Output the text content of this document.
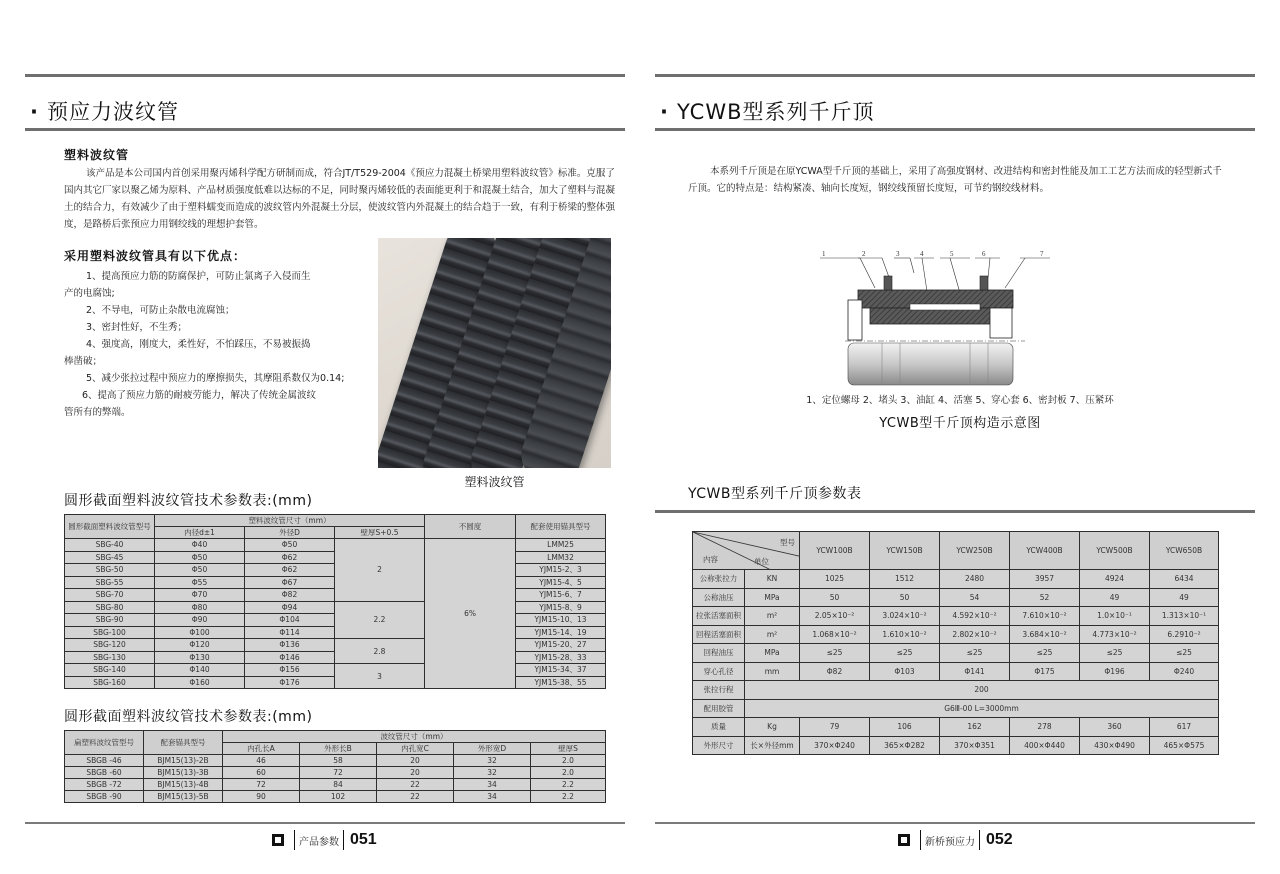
· 预应力波纹管
塑料波纹管
该产品是本公司国内首创采用聚丙烯科学配方研制而成，符合JT/T529-2004《预应力混凝土桥梁用塑料波纹管》标准。克服了国内其它厂家以聚乙烯为原料、产品材质强度低难以达标的不足，同时聚丙烯较低的表面能更利于和混凝土结合，加大了塑料与混凝土的结合力，有效减少了由于塑料蠕变而造成的波纹管内外混凝土分层，使波纹管内外混凝土的结合趋于一致，有利于桥梁的整体强度，是路桥后张预应力用钢绞线的理想护套管。
采用塑料波纹管具有以下优点：
1、提高预应力筋的防腐保护，可防止氯离子入侵而生
产的电腐蚀;
2、不导电，可防止杂散电流腐蚀；
3、密封性好，不生秀；
4、强度高，刚度大，柔性好，不怕踩压，不易被振捣
棒凿破；
5、减少张拉过程中预应力的摩擦损失，其摩阻系数仅为0.14;
6、提高了预应力筋的耐疲劳能力，解决了传统金属波纹
管所有的弊端。
塑料波纹管
圆形截面塑料波纹管技术参数表:(mm)
圆形截面塑料波纹管型号	塑料波纹管尺寸（mm）			不圆度	配套使用锚具型号
	内径d±1	外径D	壁厚S+0.5		
SBG-40	Φ40	Φ50	2	6%	LMM25
SBG-45	Φ50	Φ62			LMM32
SBG-50	Φ50	Φ62			YJM15-2、3
SBG-55	Φ55	Φ67			YJM15-4、5
SBG-70	Φ70	Φ82			YJM15-6、7
SBG-80	Φ80	Φ94	2.2		YJM15-8、9
SBG-90	Φ90	Φ104			YJM15-10、13
SBG-100	Φ100	Φ114			YJM15-14、19
SBG-120	Φ120	Φ136	2.8		YJM15-20、27
SBG-130	Φ130	Φ146			YJM15-28、33
SBG-140	Φ140	Φ156	3		YJM15-34、37
SBG-160	Φ160	Φ176			YJM15-38、55
圆形截面塑料波纹管技术参数表:(mm)
扁塑料波纹管型号	配套锚具型号	波纹管尺寸（mm）				
		内孔长A	外形长B	内孔宽C	外形宽D	壁厚S
SBGB -46	BJM15(13)-2B	46	58	20	32	2.0
SBGB -60	BJM15(13)-3B	60	72	20	32	2.0
SBGB -72	BJM15(13)-4B	72	84	22	34	2.2
SBGB -90	BJM15(13)-5B	90	102	22	34	2.2
产品参数 051
· YCWB型系列千斤顶
本系列千斤顶是在原YCWA型千斤顶的基础上，采用了高强度钢材、改进结构和密封性能及加工工艺方法而成的轻型新式千斤顶。它的特点是：结构紧凑、轴向长度短，钢绞线预留长度短，可节约钢绞线材料。
1	2	3	4	5	6	7
1、定位螺母 2、堵头 3、油缸 4、活塞 5、穿心套 6、密封板 7、压紧环
YCWB型千斤顶构造示意图
YCWB型系列千斤顶参数表
型号
内容 单位		YCW100B	YCW150B	YCW250B	YCW400B	YCW500B	YCW650B
公称张拉力	KN	1025	1512	2480	3957	4924	6434
公称油压	MPa	50	50	54	52	49	49
拉张活塞面积	m²	2.05×10⁻²	3.024×10⁻²	4.592×10⁻²	7.610×10⁻²	1.0×10⁻¹	1.313×10⁻¹
回程活塞面积	m²	1.068×10⁻²	1.610×10⁻²	2.802×10⁻²	3.684×10⁻²	4.773×10⁻²	6.2910⁻²
回程油压	MPa	≤25	≤25	≤25	≤25	≤25	≤25
穿心孔径	mm	Φ82	Φ103	Φ141	Φ175	Φ196	Φ240
张拉行程	200						
配用胶管	G6Ⅲ-00 L=3000mm						
质量	Kg	79	106	162	278	360	617
外形尺寸	长×外径mm	370×Φ240	365×Φ282	370×Φ351	400×Φ440	430×Φ490	465×Φ575
新桥预应力 052
